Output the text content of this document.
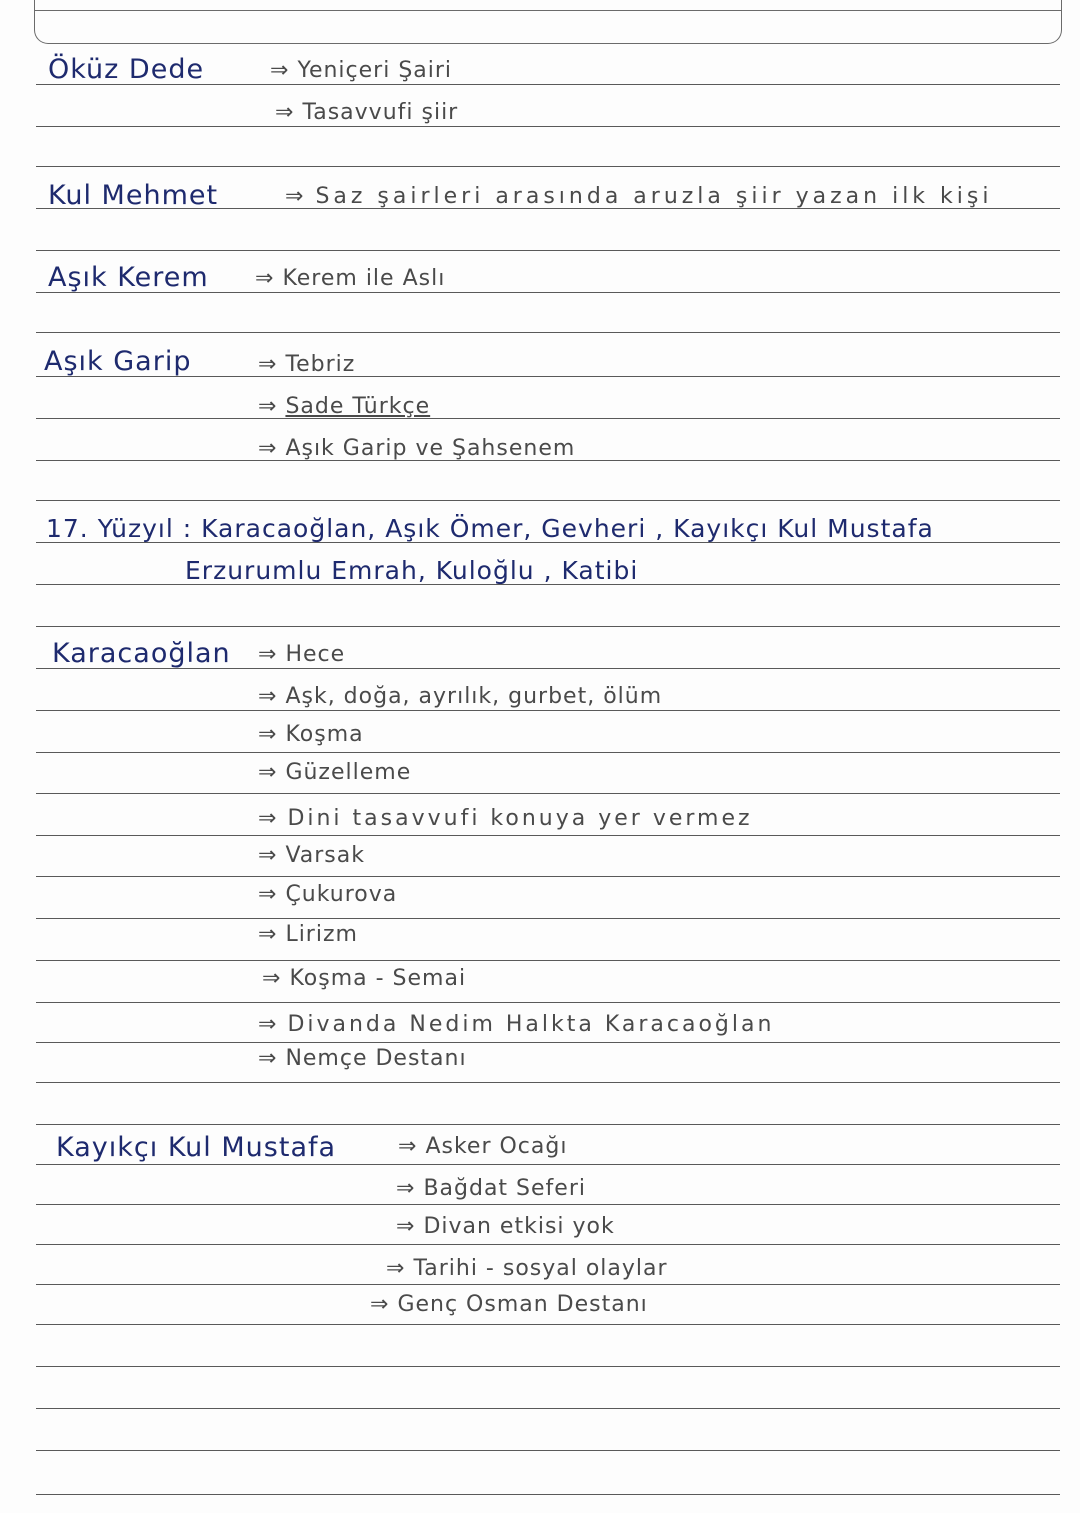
Öküz Dede	⇒ Yeniçeri Şairi
⇒ Tasavvufi şiir
Kul Mehmet	⇒ Saz şairleri arasında aruzla şiir yazan ilk kişi
Aşık Kerem ⇒ Kerem ile Aslı
Aşık Garip	⇒ Tebriz
⇒ Sade Türkçe
⇒ Aşık Garip ve Şahsenem
17. Yüzyıl : Karacaoğlan, Aşık Ömer, Gevheri , Kayıkçı Kul Mustafa
Erzurumlu Emrah, Kuloğlu , Katibi
Karacaoğlan ⇒ Hece
⇒ Aşk, doğa, ayrılık, gurbet, ölüm
⇒ Koşma
⇒ Güzelleme
⇒ Dini tasavvufi konuya yer vermez
⇒ Varsak
⇒ Çukurova
⇒ Lirizm
⇒ Koşma - Semai
⇒ Divanda Nedim Halkta Karacaoğlan
⇒ Nemçe Destanı
Kayıkçı Kul Mustafa	⇒ Asker Ocağı
⇒ Bağdat Seferi
⇒ Divan etkisi yok
⇒ Tarihi - sosyal olaylar
⇒ Genç Osman Destanı
